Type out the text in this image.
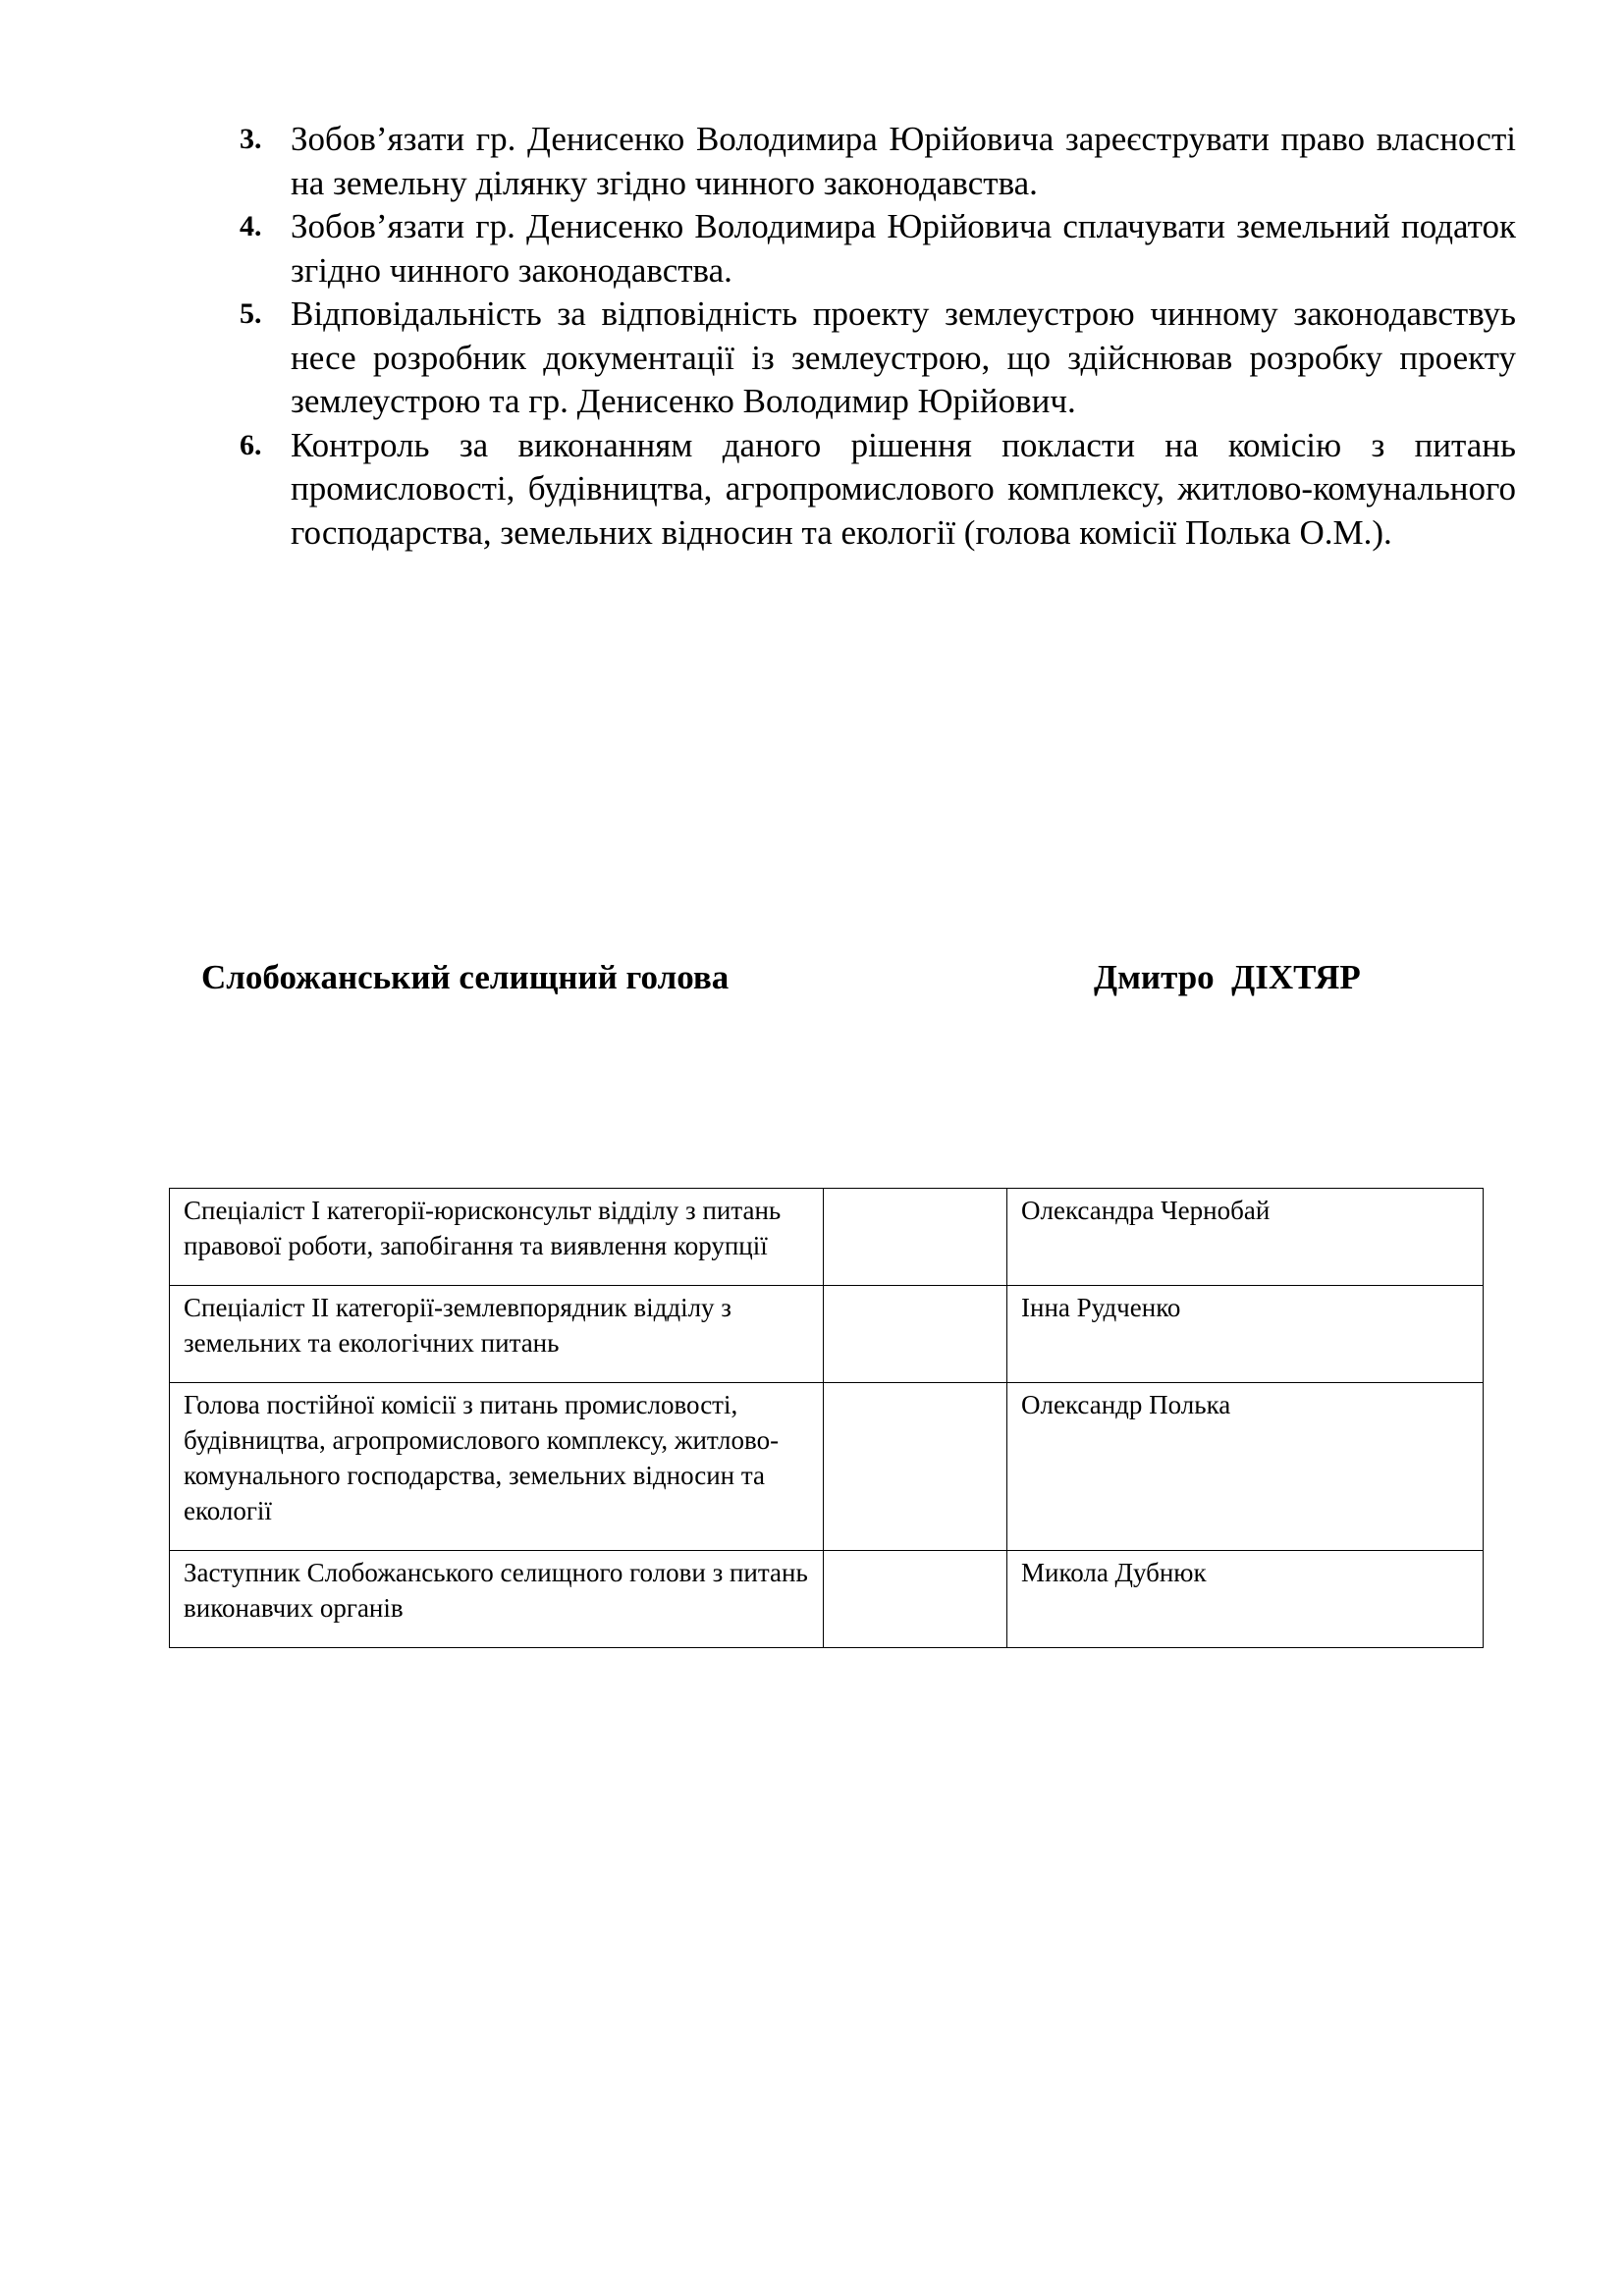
3. Зобов’язати гр. Денисенко Володимира Юрійовича зареєструвати право власності на земельну ділянку згідно чинного законодавства.
4. Зобов’язати гр. Денисенко Володимира Юрійовича сплачувати земельний податок згідно чинного законодавства.
5. Відповідальність за відповідність проекту землеустрою чинному законодавствуь несе розробник документації із землеустрою, що здійснював розробку проекту землеустрою та гр. Денисенко Володимир Юрійович.
6. Контроль за виконанням даного рішення покласти на комісію з питань промисловості, будівництва, агропромислового комплексу, житлово-комунального господарства, земельних відносин та екології (голова комісії Полька О.М.).
Слобожанський селищний голова	Дмитро  ДІХТЯР
Спеціаліст І категорії-юрисконсульт відділу з питань правової роботи, запобігання та виявлення корупції		Олександра Чернобай
Спеціаліст ІІ категорії-землевпорядник відділу з земельних та екологічних питань		Інна Рудченко
Голова постійної комісії з питань промисловості, будівництва, агропромислового комплексу, житлово-комунального господарства, земельних відносин та екології		Олександр Полька
Заступник Слобожанського селищного голови з питань виконавчих органів		Микола Дубнюк
